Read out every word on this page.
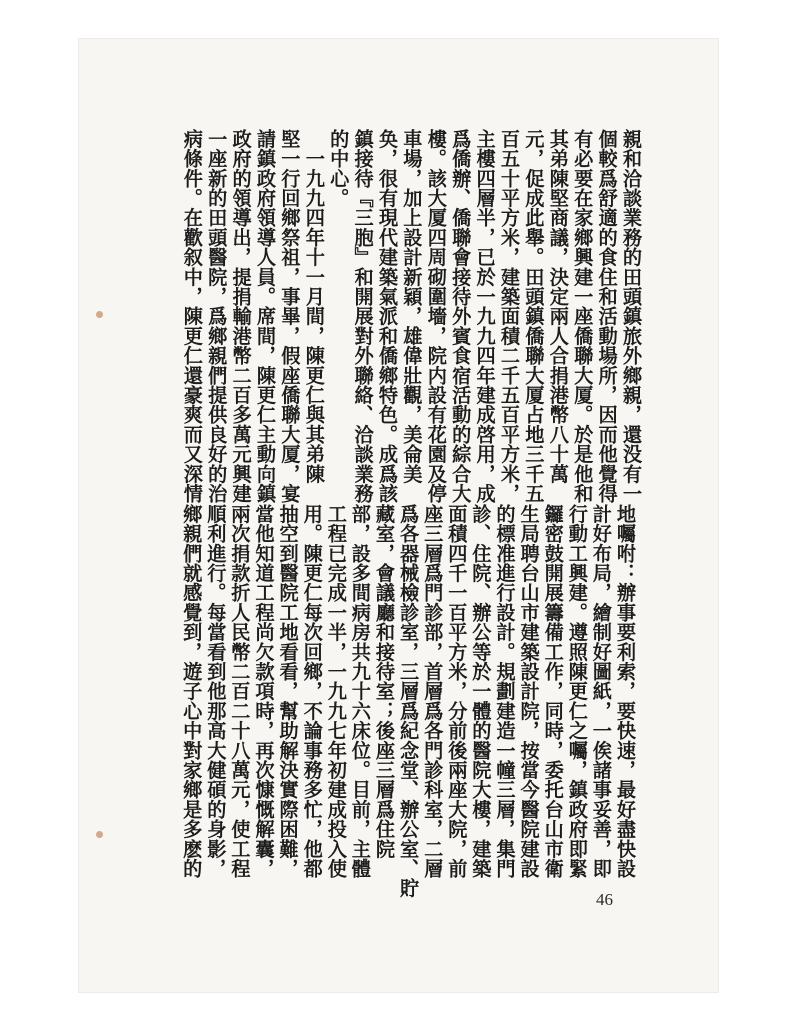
親和洽談業務的田頭鎮旅外鄉親，還没有一
個較爲舒適的食住和活動場所，因而他覺得
有必要在家鄉興建一座僑聯大厦。於是他和
其弟陳堅商議，決定兩人合捐港幣八十萬
元，促成此舉。田頭鎮僑聯大厦占地三千五
百五十平方米，建築面積二千五百平方米，
主樓四層半，已於一九九四年建成啓用，成
爲僑辦、僑聯會接待外賓食宿活動的綜合大
樓。該大厦四周砌圍墻，院内設有花園及停
車場，加上設計新穎，雄偉壯觀，美侖美
奂，很有現代建築氣派和僑鄉特色。成爲該
鎮接待『三胞』和開展對外聯絡、洽談業務
的中心。
　一九九四年十一月間，陳更仁與其弟陳
堅一行回鄉祭祖，事畢，假座僑聯大厦，宴
請鎮政府領導人員。席間，陳更仁主動向鎮
政府的領導出，提捐輸港幣二百多萬元興建
一座新的田頭醫院，爲鄉親們提供良好的治
病條件。在歡叙中，陳更仁還豪爽而又深情
地囑咐：辦事要利索，要快速，最好盡快設
計好布局，繪制好圖紙，一俟諸事妥善，即
行動工興建。遵照陳更仁之囑，鎮政府即緊
鑼密鼓開展籌備工作，同時，委托台山市衛
生局聘台山市建築設計院，按當今醫院建設
的標准進行設計。規劃建造一幢三層，集門
診、住院、辦公等於一體的醫院大樓，建築
面積四千一百平方米，分前後兩座大院，前
座三層爲門診部，首層爲各門診科室，二層
爲各器械檢診室，三層爲紀念堂、辦公室、貯
藏室，會議廳和接待室；後座三層爲住院
部，設多間病房共九十六床位。目前，主體
工程已完成一半，一九九七年初建成投入使
用。陳更仁每次回鄉，不論事務多忙，他都
抽空到醫院工地看看，幫助解決實際困難，
當他知道工程尚欠款項時，再次慷慨解囊，
兩次捐款折人民幣二百二十八萬元，使工程
順利進行。每當看到他那高大健碩的身影，
鄉親們就感覺到，遊子心中對家鄉是多麽的
46
